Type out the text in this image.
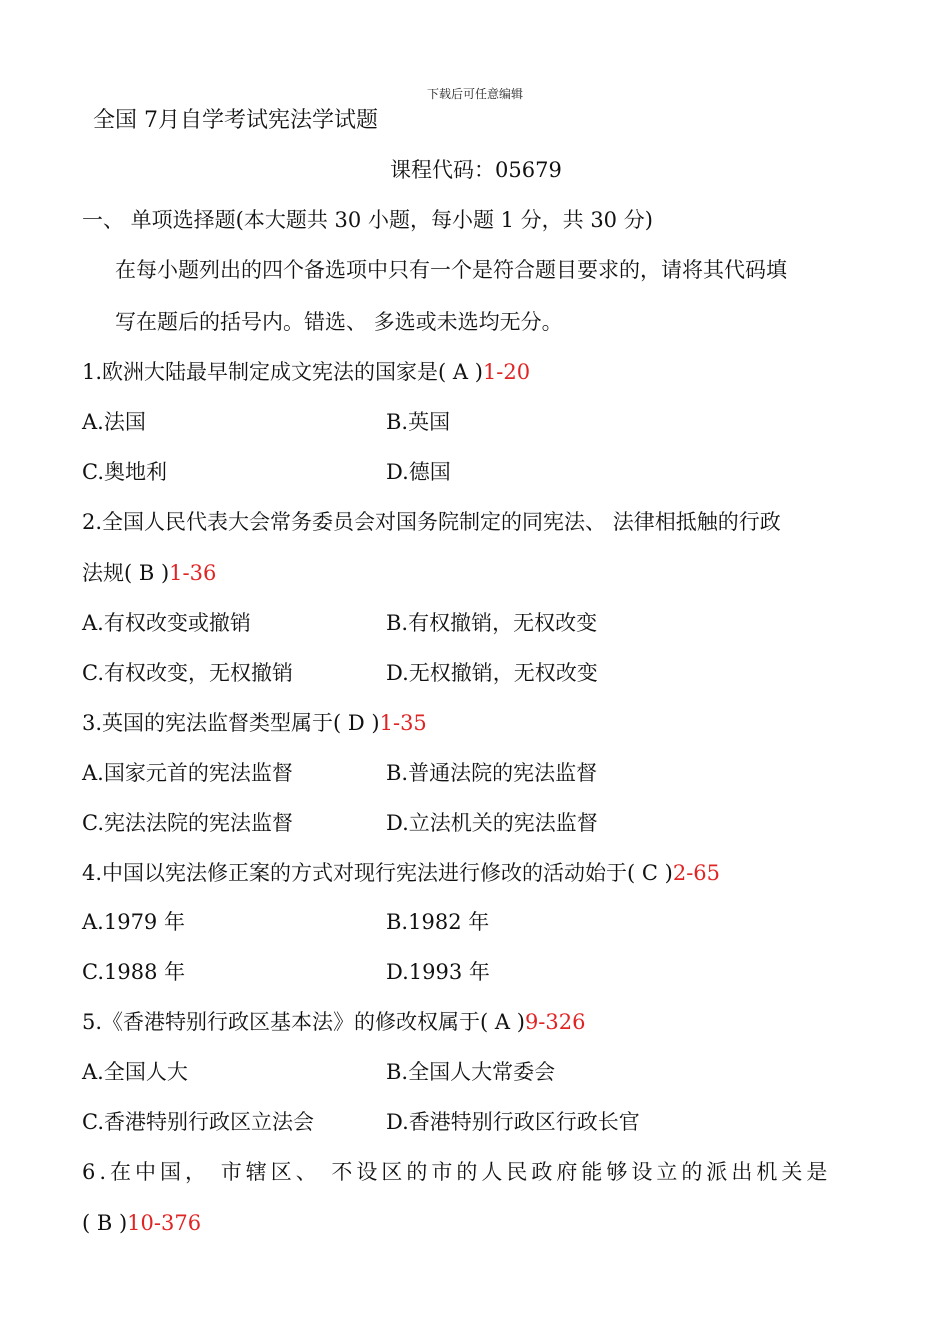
下载后可任意编辑
全国 7月自学考试宪法学试题
课程代码：05679
一、 单项选择题(本大题共 30 小题，每小题 1 分，共 30 分)
在每小题列出的四个备选项中只有一个是符合题目要求的，请将其代码填
写在题后的括号内。错选、 多选或未选均无分。
1.欧洲大陆最早制定成文宪法的国家是( A )1-20
A.法国	B.英国
C.奥地利	D.德国
2.全国人民代表大会常务委员会对国务院制定的同宪法、 法律相抵触的行政
法规( B )1-36
A.有权改变或撤销	B.有权撤销，无权改变
C.有权改变，无权撤销	D.无权撤销，无权改变
3.英国的宪法监督类型属于( D )1-35
A.国家元首的宪法监督	B.普通法院的宪法监督
C.宪法法院的宪法监督	D.立法机关的宪法监督
4.中国以宪法修正案的方式对现行宪法进行修改的活动始于( C )2-65
A.1979 年	B.1982 年
C.1988 年	D.1993 年
5.《香港特别行政区基本法》的修改权属于( A )9-326
A.全国人大	B.全国人大常委会
C.香港特别行政区立法会	D.香港特别行政区行政长官
6.在中国， 市辖区、 不设区的市的人民政府能够设立的派出机关是
( B )10-376
